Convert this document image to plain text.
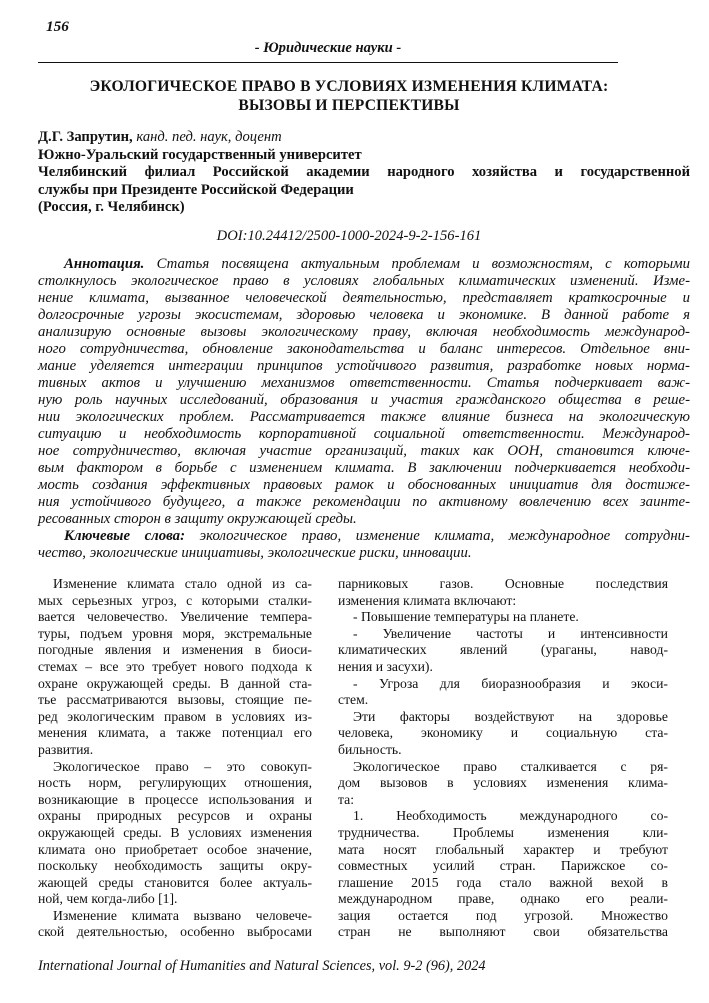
156
- Юридические науки -
ЭКОЛОГИЧЕСКОЕ ПРАВО В УСЛОВИЯХ ИЗМЕНЕНИЯ КЛИМАТА:
ВЫЗОВЫ И ПЕРСПЕКТИВЫ
Д.Г. Запрутин, канд. пед. наук, доцент
Южно-Уральский государственный университет
Челябинский филиал Российской академии народного хозяйства и государственной
службы при Президенте Российской Федерации
(Россия, г. Челябинск)
DOI:10.24412/2500-1000-2024-9-2-156-161
Аннотация. Статья посвящена актуальным проблемам и возможностям, с которыми
столкнулось экологическое право в условиях глобальных климатических изменений. Изме-
нение климата, вызванное человеческой деятельностью, представляет краткосрочные и
долгосрочные угрозы экосистемам, здоровью человека и экономике. В данной работе я
анализирую основные вызовы экологическому праву, включая необходимость международ-
ного сотрудничества, обновление законодательства и баланс интересов. Отдельное вни-
мание уделяется интеграции принципов устойчивого развития, разработке новых норма-
тивных актов и улучшению механизмов ответственности. Статья подчеркивает важ-
ную роль научных исследований, образования и участия гражданского общества в реше-
нии экологических проблем. Рассматривается также влияние бизнеса на экологическую
ситуацию и необходимость корпоративной социальной ответственности. Международ-
ное сотрудничество, включая участие организаций, таких как ООН, становится ключе-
вым фактором в борьбе с изменением климата. В заключении подчеркивается необходи-
мость создания эффективных правовых рамок и обоснованных инициатив для достиже-
ния устойчивого будущего, а также рекомендации по активному вовлечению всех заинте-
ресованных сторон в защиту окружающей среды.
Ключевые слова: экологическое право, изменение климата, международное сотрудни-
чество, экологические инициативы, экологические риски, инновации.
Изменение климата стало одной из са-
мых серьезных угроз, с которыми сталки-
вается человечество. Увеличение темпера-
туры, подъем уровня моря, экстремальные
погодные явления и изменения в биоси-
стемах – все это требует нового подхода к
охране окружающей среды. В данной ста-
тье рассматриваются вызовы, стоящие пе-
ред экологическим правом в условиях из-
менения климата, а также потенциал его
развития.
Экологическое право – это совокуп-
ность норм, регулирующих отношения,
возникающие в процессе использования и
охраны природных ресурсов и охраны
окружающей среды. В условиях изменения
климата оно приобретает особое значение,
поскольку необходимость защиты окру-
жающей среды становится более актуаль-
ной, чем когда-либо [1].
Изменение климата вызвано человече-
ской деятельностью, особенно выбросами
парниковых газов. Основные последствия
изменения климата включают:
- Повышение температуры на планете.
- Увеличение частоты и интенсивности
климатических явлений (ураганы, навод-
нения и засухи).
- Угроза для биоразнообразия и экоси-
стем.
Эти факторы воздействуют на здоровье
человека, экономику и социальную ста-
бильность.
Экологическое право сталкивается с ря-
дом вызовов в условиях изменения клима-
та:
1. Необходимость международного со-
трудничества. Проблемы изменения кли-
мата носят глобальный характер и требуют
совместных усилий стран. Парижское со-
глашение 2015 года стало важной вехой в
международном праве, однако его реали-
зация остается под угрозой. Множество
стран не выполняют свои обязательства
International Journal of Humanities and Natural Sciences, vol. 9-2 (96), 2024
